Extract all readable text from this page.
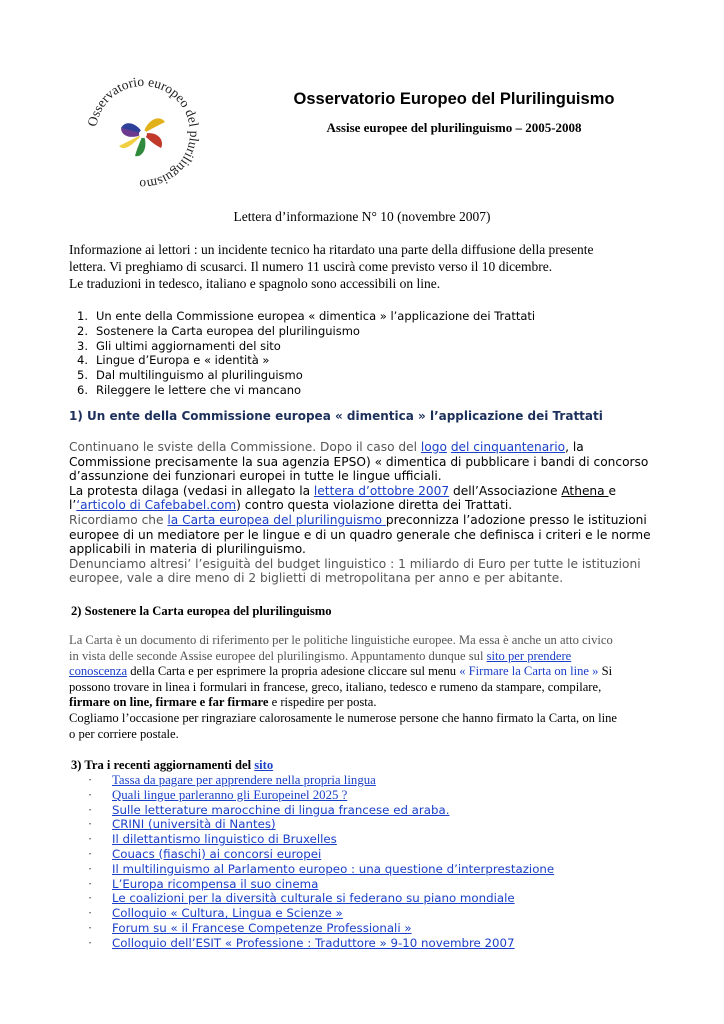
Osservatorio europeo del plurilinguismo
Osservatorio Europeo del Plurilinguismo
Assise europee del plurilinguismo – 2005-2008
Lettera d’informazione N° 10 (novembre 2007)
Informazione ai lettori : un incidente tecnico ha ritardato una parte della diffusione della presente
lettera. Vi preghiamo di scusarci. Il numero 11 uscirà come previsto verso il 10 dicembre.
Le traduzioni in tedesco, italiano e spagnolo sono accessibili on line.
1. Un ente della Commissione europea « dimentica » l’applicazione dei Trattati
2. Sostenere la Carta europea del plurilinguismo
3. Gli ultimi aggiornamenti del sito
4. Lingue d’Europa e « identità »
5. Dal multilinguismo al plurilinguismo
6. Rileggere le lettere che vi mancano
1) Un ente della Commissione europea « dimentica » l’applicazione dei Trattati
Continuano le sviste della Commissione. Dopo il caso del logo del cinquantenario, la
Commissione precisamente la sua agenzia EPSO) « dimentica di pubblicare i bandi di concorso
d’assunzione dei funzionari europei in tutte le lingue ufficiali.
La protesta dilaga (vedasi in allegato la lettera d’ottobre 2007 dell’Associazione Athena e
l’‘articolo di Cafebabel.com) contro questa violazione diretta dei Trattati.
Ricordiamo che la Carta europea del plurilinguismo preconnizza l’adozione presso le istituzioni
europee di un mediatore per le lingue e di un quadro generale che definisca i criteri e le norme
applicabili in materia di plurilinguismo.
Denunciamo altresi’ l’esiguità del budget linguistico : 1 miliardo di Euro per tutte le istituzioni
europee, vale a dire meno di 2 biglietti di metropolitana per anno e per abitante.
2) Sostenere la Carta europea del plurilinguismo
La Carta è un documento di riferimento per le politiche linguistiche europee. Ma essa è anche un atto civico
in vista delle seconde Assise europee del plurilingismo. Appuntamento dunque sul sito per prendere
conoscenza della Carta e per esprimere la propria adesione cliccare sul menu « Firmare la Carta on line » Si
possono trovare in linea i formulari in francese, greco, italiano, tedesco e rumeno da stampare, compilare,
firmare on line, firmare e far firmare e rispedire per posta.
Cogliamo l’occasione per ringraziare calorosamente le numerose persone che hanno firmato la Carta, on line
o per corriere postale.
3) Tra i recenti aggiornamenti del sito
· Tassa da pagare per apprendere nella propria lingua
· Quali lingue parleranno gli Europeinel 2025 ?
· Sulle letterature marocchine di lingua francese ed araba.
· CRINI (università di Nantes)
· Il dilettantismo linguistico di Bruxelles
· Couacs (fiaschi) ai concorsi europei
· Il multilinguismo al Parlamento europeo : una questione d’interprestazione
· L’Europa ricompensa il suo cinema
· Le coalizioni per la diversità culturale si federano su piano mondiale
· Colloquio « Cultura, Lingua e Scienze »
· Forum su « il Francese Competenze Professionali »
· Colloquio dell’ESIT « Professione : Traduttore » 9-10 novembre 2007
